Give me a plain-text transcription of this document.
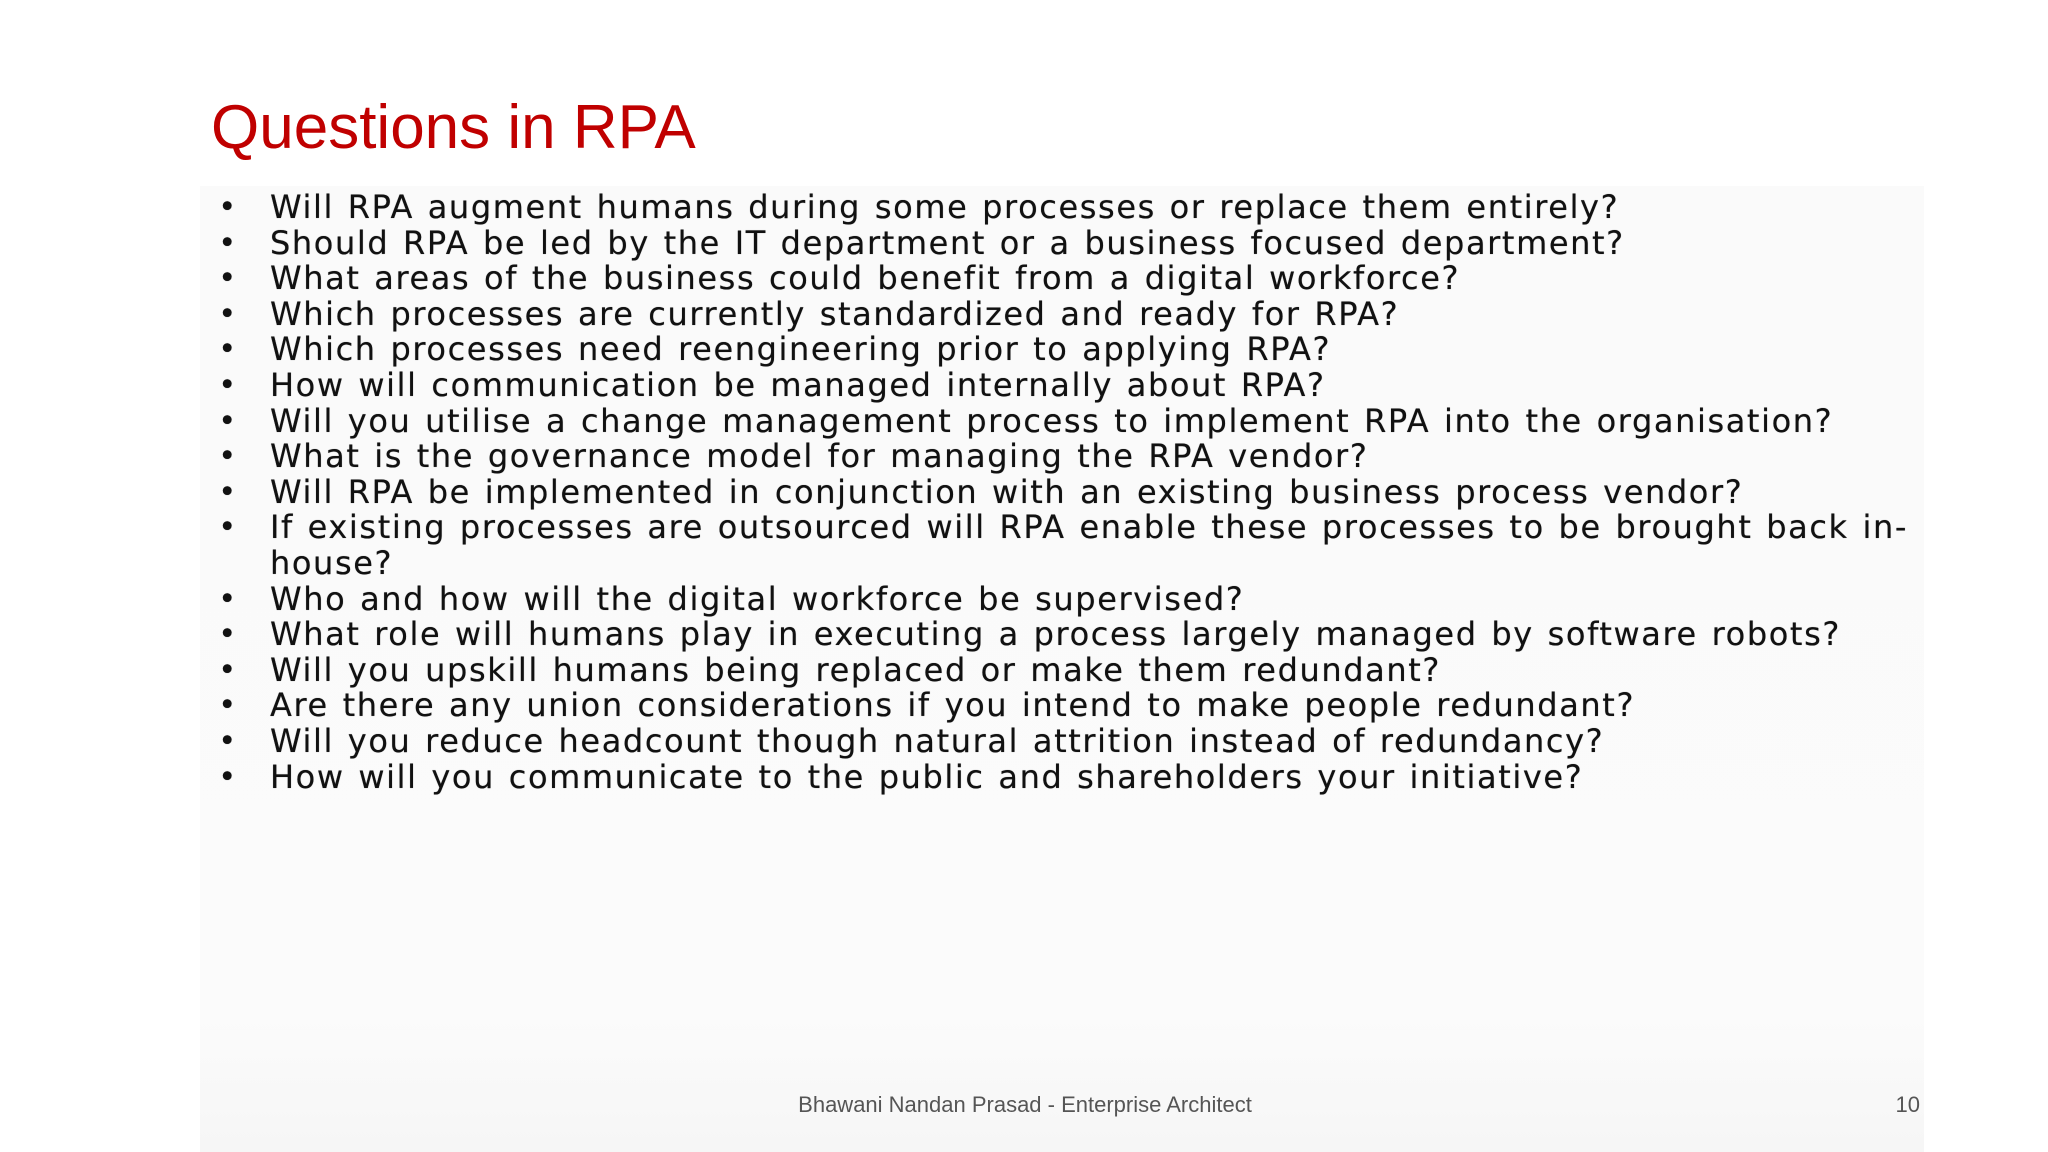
Questions in RPA
• Will RPA augment humans during some processes or replace them entirely?
• Should RPA be led by the IT department or a business focused department?
• What areas of the business could benefit from a digital workforce?
• Which processes are currently standardized and ready for RPA?
• Which processes need reengineering prior to applying RPA?
• How will communication be managed internally about RPA?
• Will you utilise a change management process to implement RPA into the organisation?
• What is the governance model for managing the RPA vendor?
• Will RPA be implemented in conjunction with an existing business process vendor?
• If existing processes are outsourced will RPA enable these processes to be brought back in-house?
• Who and how will the digital workforce be supervised?
• What role will humans play in executing a process largely managed by software robots?
• Will you upskill humans being replaced or make them redundant?
• Are there any union considerations if you intend to make people redundant?
• Will you reduce headcount though natural attrition instead of redundancy?
• How will you communicate to the public and shareholders your initiative?
Bhawani Nandan Prasad - Enterprise Architect	10
